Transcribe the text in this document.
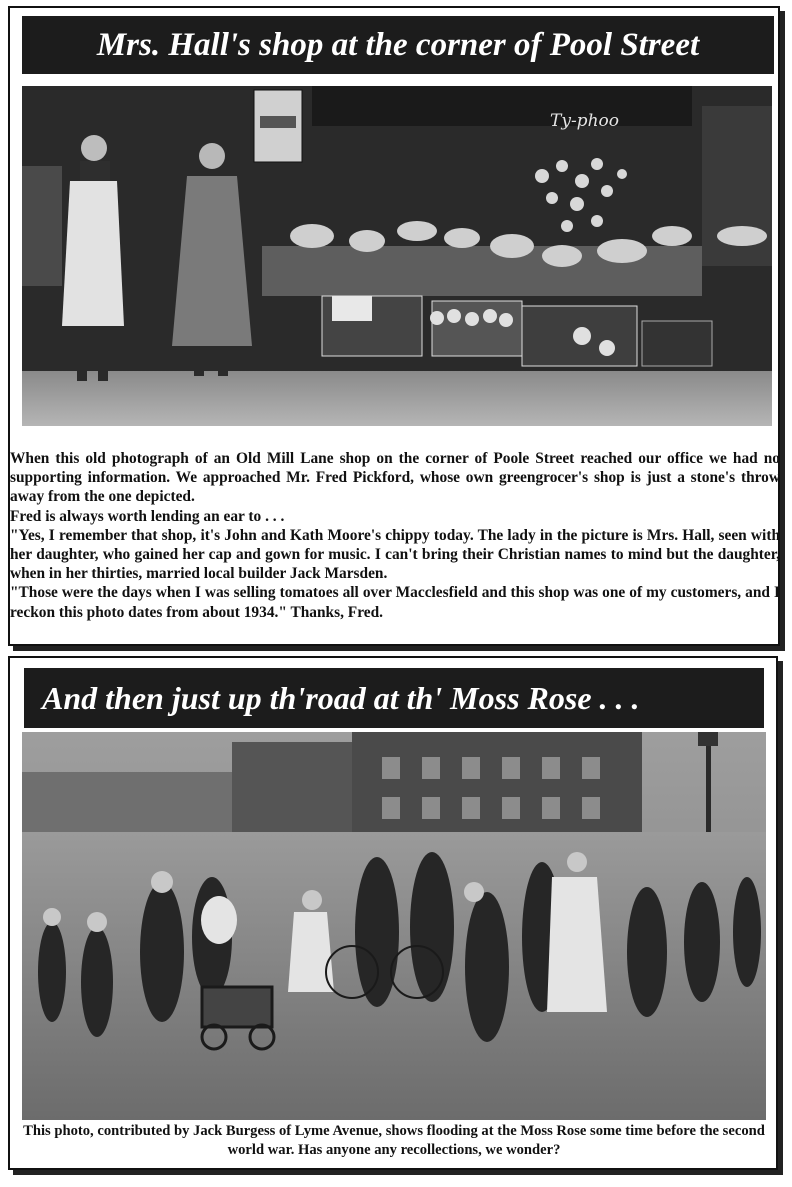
Mrs. Hall's shop at the corner of Pool Street
Ty-phoo

When this old photograph of an Old Mill Lane shop on the corner of Poole Street reached our office we had no supporting information. We approached Mr. Fred Pickford, whose own greengrocer's shop is just a stone's throw away from the one depicted.

Fred is always worth lending an ear to . . .

"Yes, I remember that shop, it's John and Kath Moore's chippy today. The lady in the picture is Mrs. Hall, seen with her daughter, who gained her cap and gown for music. I can't bring their Christian names to mind but the daughter, when in her thirties, married local builder Jack Marsden.

"Those were the days when I was selling tomatoes all over Macclesfield and this shop was one of my customers, and I reckon this photo dates from about 1934." Thanks, Fred.

And then just up th'road at th' Moss Rose . . .
This photo, contributed by Jack Burgess of Lyme Avenue, shows flooding at the Moss Rose some time before the second world war. Has anyone any recollections, we wonder?
